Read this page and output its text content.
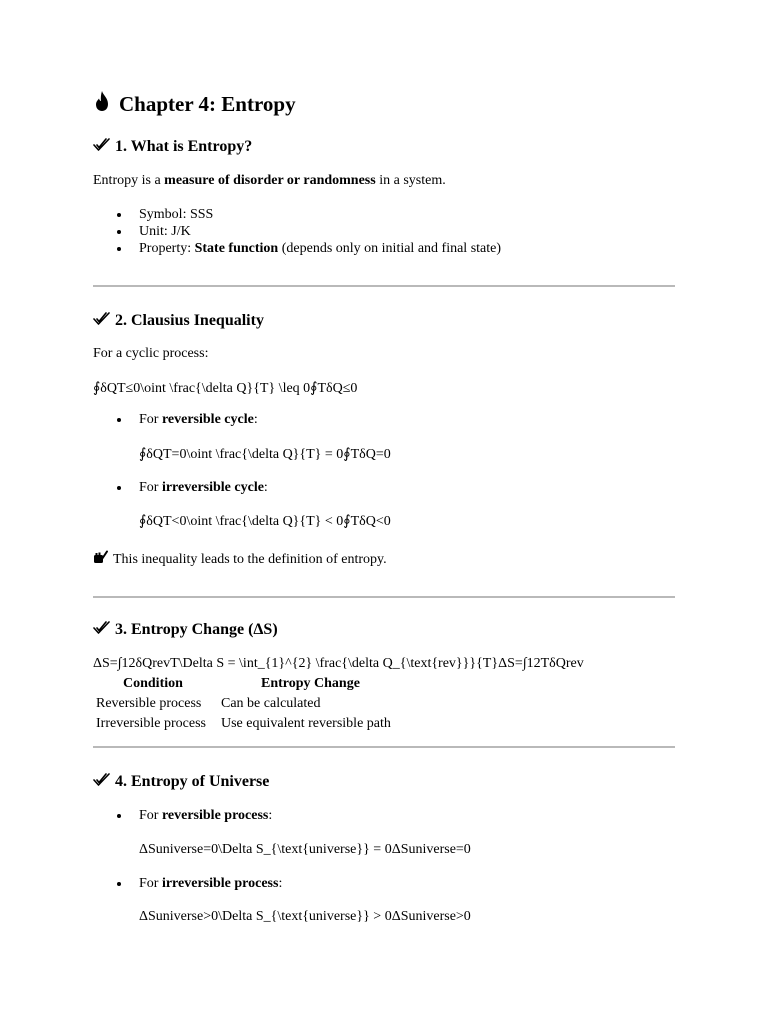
Chapter 4: Entropy
1. What is Entropy?
Entropy is a measure of disorder or randomness in a system.
Symbol: SSS
Unit: J/K
Property: State function (depends only on initial and final state)
2. Clausius Inequality
For a cyclic process:
∮δQT≤0\oint \frac{\delta Q}{T} \leq 0∮TδQ≤0
For reversible cycle:
∮δQT=0\oint \frac{\delta Q}{T} = 0∮TδQ=0
For irreversible cycle:
∮δQT<0\oint \frac{\delta Q}{T} < 0∮TδQ<0
This inequality leads to the definition of entropy.
3. Entropy Change (ΔS)
ΔS=∫12δQrevT\Delta S = \int_{1}^{2} \frac{\delta Q_{\text{rev}}}{T}ΔS=∫12TδQrev
Condition	Entropy Change
Reversible process Can be calculated
Irreversible process Use equivalent reversible path
4. Entropy of Universe
For reversible process:
ΔSuniverse=0\Delta S_{\text{universe}} = 0ΔSuniverse=0
For irreversible process:
ΔSuniverse>0\Delta S_{\text{universe}} > 0ΔSuniverse>0
